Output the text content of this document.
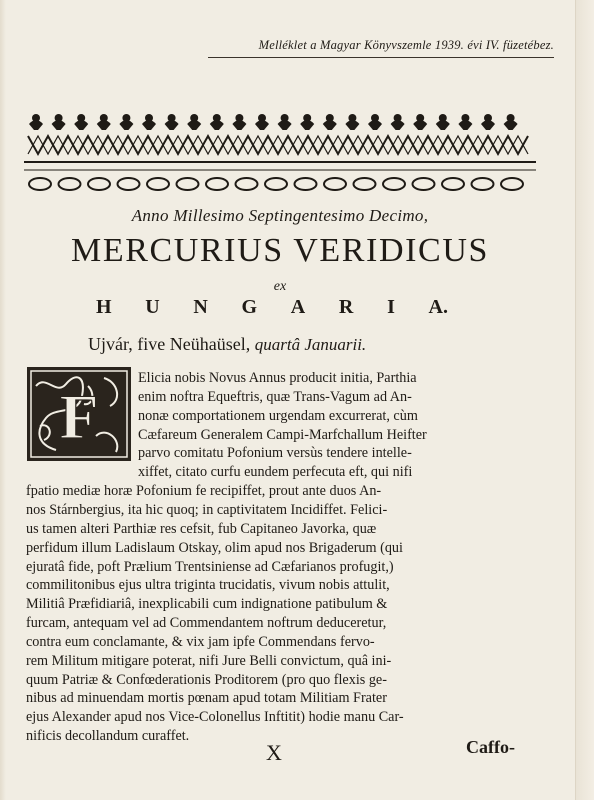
Melléklet a Magyar Könyvszemle 1939. évi IV. füzetébez.
Anno Millesimo Septingentesimo Decimo,
MERCURIUS VERIDICUS
ex
H U N G A R I A.
Ujvár, five Neühaüsel, quartâ Januarii.
F
Elicia nobis Novus Annus producit initia, Parthia
enim noftra Equeftris, quæ Trans-Vagum ad An-
nonæ comportationem urgendam excurrerat, cùm
Cæfareum Generalem Campi-Marfchallum Heifter
parvo comitatu Pofonium versùs tendere intelle-
xiffet, citato curfu eundem perfecuta eft, qui nifi
fpatio mediæ horæ Pofonium fe recipiffet, prout ante duos An-
nos Stárnbergius, ita hic quoq; in captivitatem Incidiffet. Felici-
us tamen alteri Parthiæ res cefsit, fub Capitaneo Javorka, quæ
perfidum illum Ladislaum Otskay, olim apud nos Brigaderum (qui
ejuratâ fide, poft Prælium Trentsiniense ad Cæfarianos profugit,)
commilitonibus ejus ultra triginta trucidatis, vivum nobis attulit,
Militiâ Præfidiariâ, inexplicabili cum indignatione patibulum &
furcam, antequam vel ad Commendantem noftrum deduceretur,
contra eum conclamante, & vix jam ipfe Commendans fervo-
rem Militum mitigare poterat, nifi Jure Belli convictum, quâ ini-
quum Patriæ & Confœderationis Proditorem (pro quo flexis ge-
nibus ad minuendam mortis pœnam apud totam Militiam Frater
ejus Alexander apud nos Vice-Colonellus Inftitit) hodie manu Car-
nificis decollandum curaffet.
X	Caffo-
